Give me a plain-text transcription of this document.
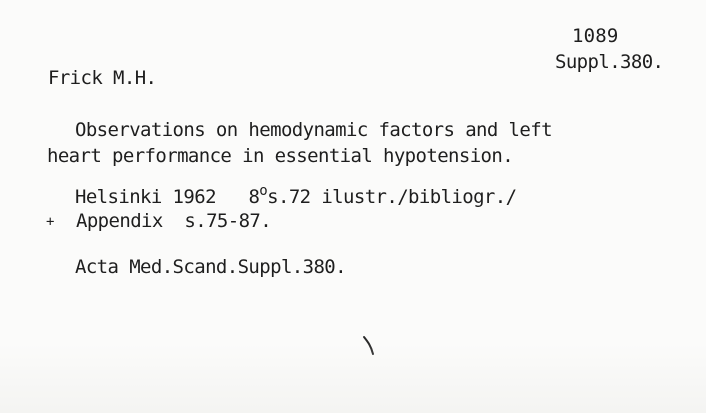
1089
Suppl.380.
Frick M.H.
Observations on hemodynamic factors and left
heart performance in essential hypotension.
Helsinki 1962 8$^o$s.72 ilustr./bibliogr./
+ Appendix  s.75-87.
Acta Med.Scand.Suppl.380.
